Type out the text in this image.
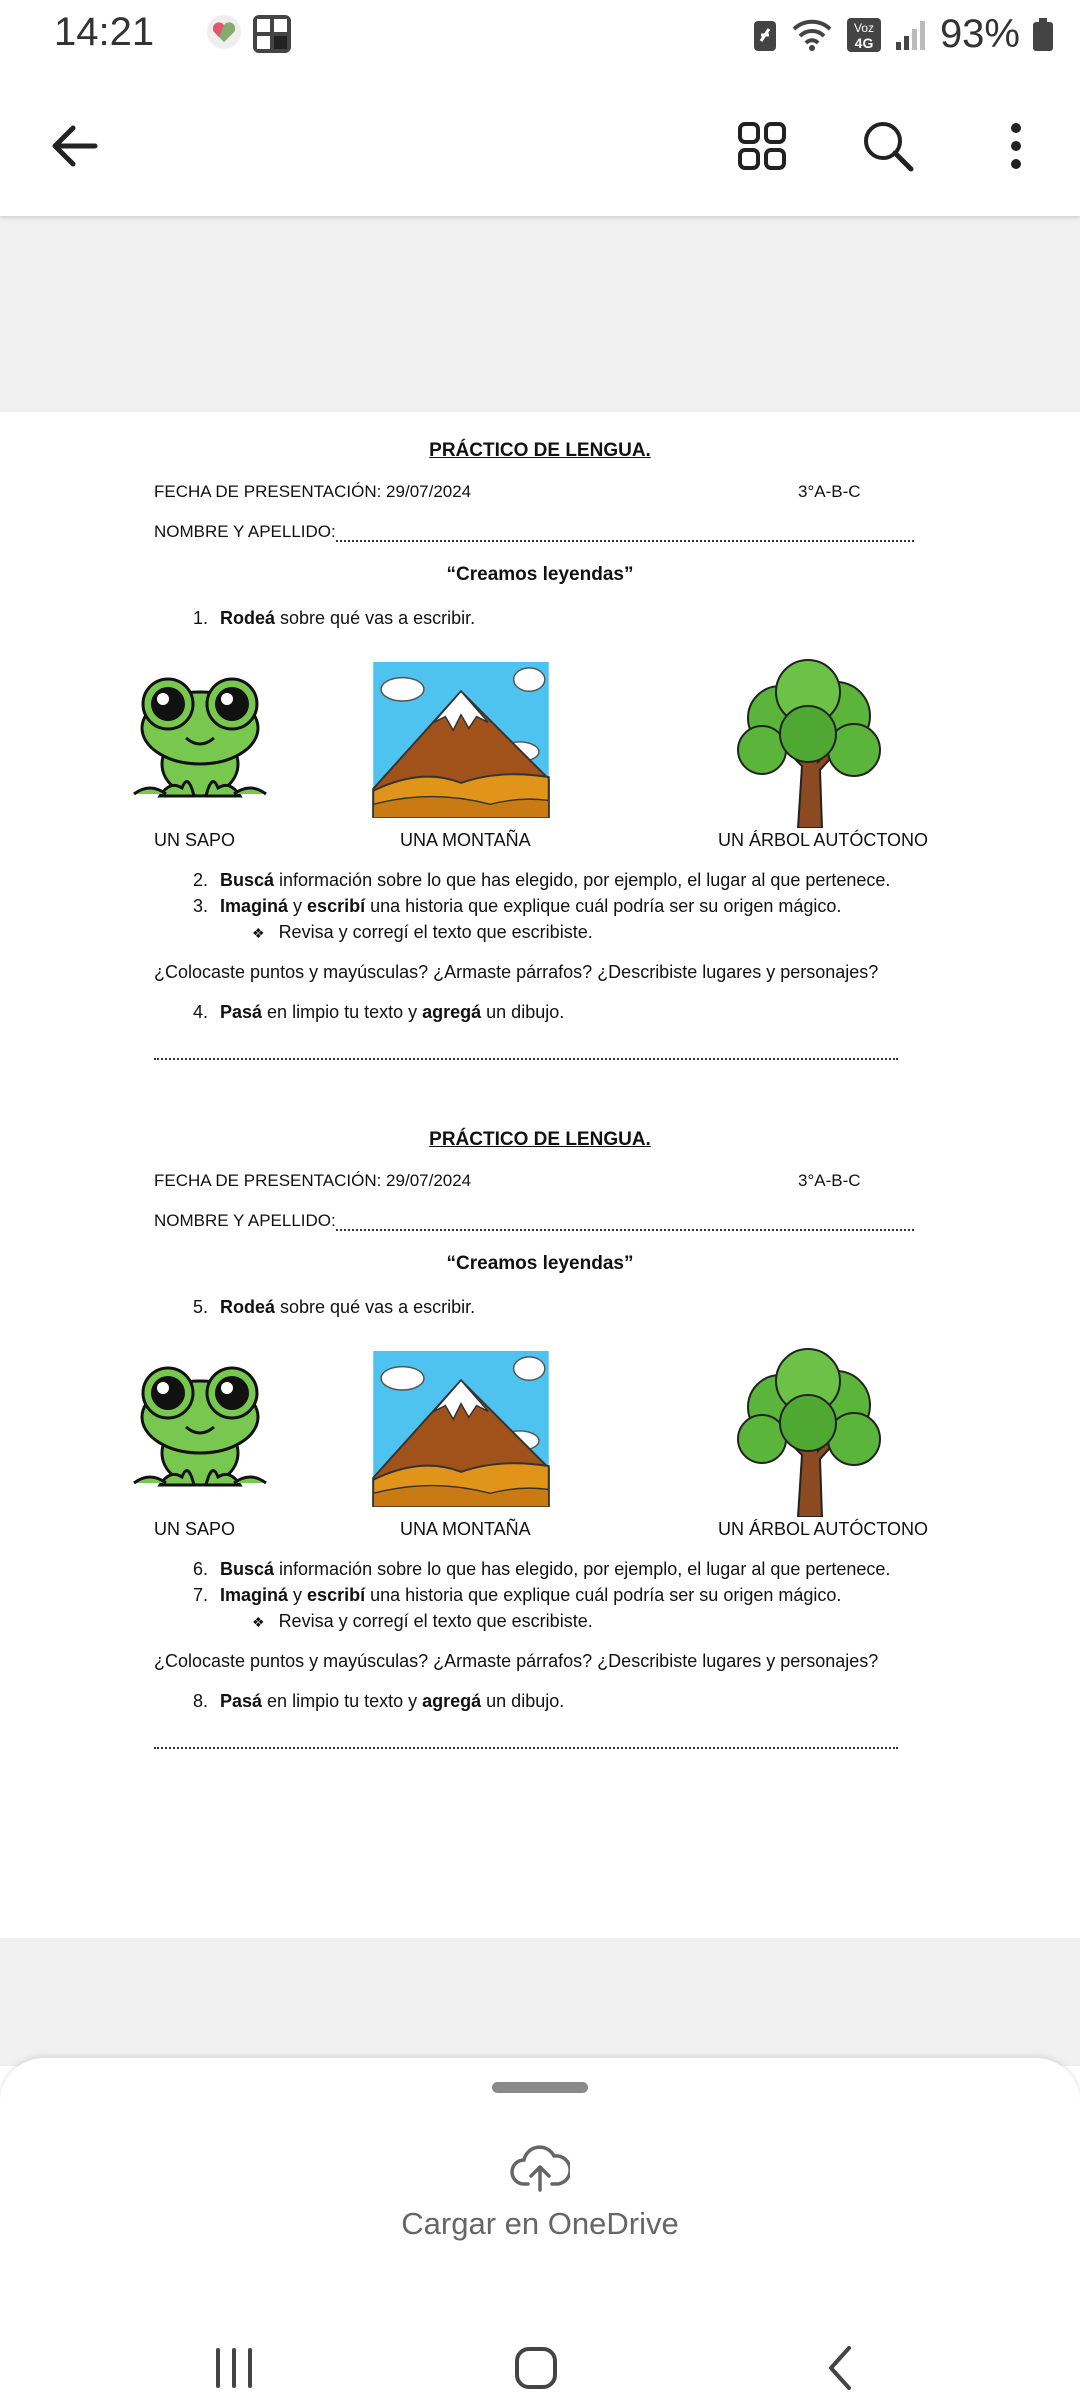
14:21	Voz
4G 93%
PRÁCTICO DE LENGUA.
FECHA DE PRESENTACIÓN: 29/07/2024	3°A-B-C
NOMBRE Y APELLIDO:
“Creamos leyendas”
1. Rodeá sobre qué vas a escribir.
UN SAPO	UNA MONTAÑA	UN ÁRBOL AUTÓCTONO
2. Buscá información sobre lo que has elegido, por ejemplo, el lugar al que pertenece.
3. Imaginá y escribí una historia que explique cuál podría ser su origen mágico.
❖ Revisa y corregí el texto que escribiste.
¿Colocaste puntos y mayúsculas? ¿Armaste párrafos? ¿Describiste lugares y personajes?
4. Pasá en limpio tu texto y agregá un dibujo.
PRÁCTICO DE LENGUA.
FECHA DE PRESENTACIÓN: 29/07/2024	3°A-B-C
NOMBRE Y APELLIDO:
“Creamos leyendas”
5. Rodeá sobre qué vas a escribir.
UN SAPO	UNA MONTAÑA	UN ÁRBOL AUTÓCTONO
6. Buscá información sobre lo que has elegido, por ejemplo, el lugar al que pertenece.
7. Imaginá y escribí una historia que explique cuál podría ser su origen mágico.
❖ Revisa y corregí el texto que escribiste.
¿Colocaste puntos y mayúsculas? ¿Armaste párrafos? ¿Describiste lugares y personajes?
8. Pasá en limpio tu texto y agregá un dibujo.
Cargar en OneDrive
